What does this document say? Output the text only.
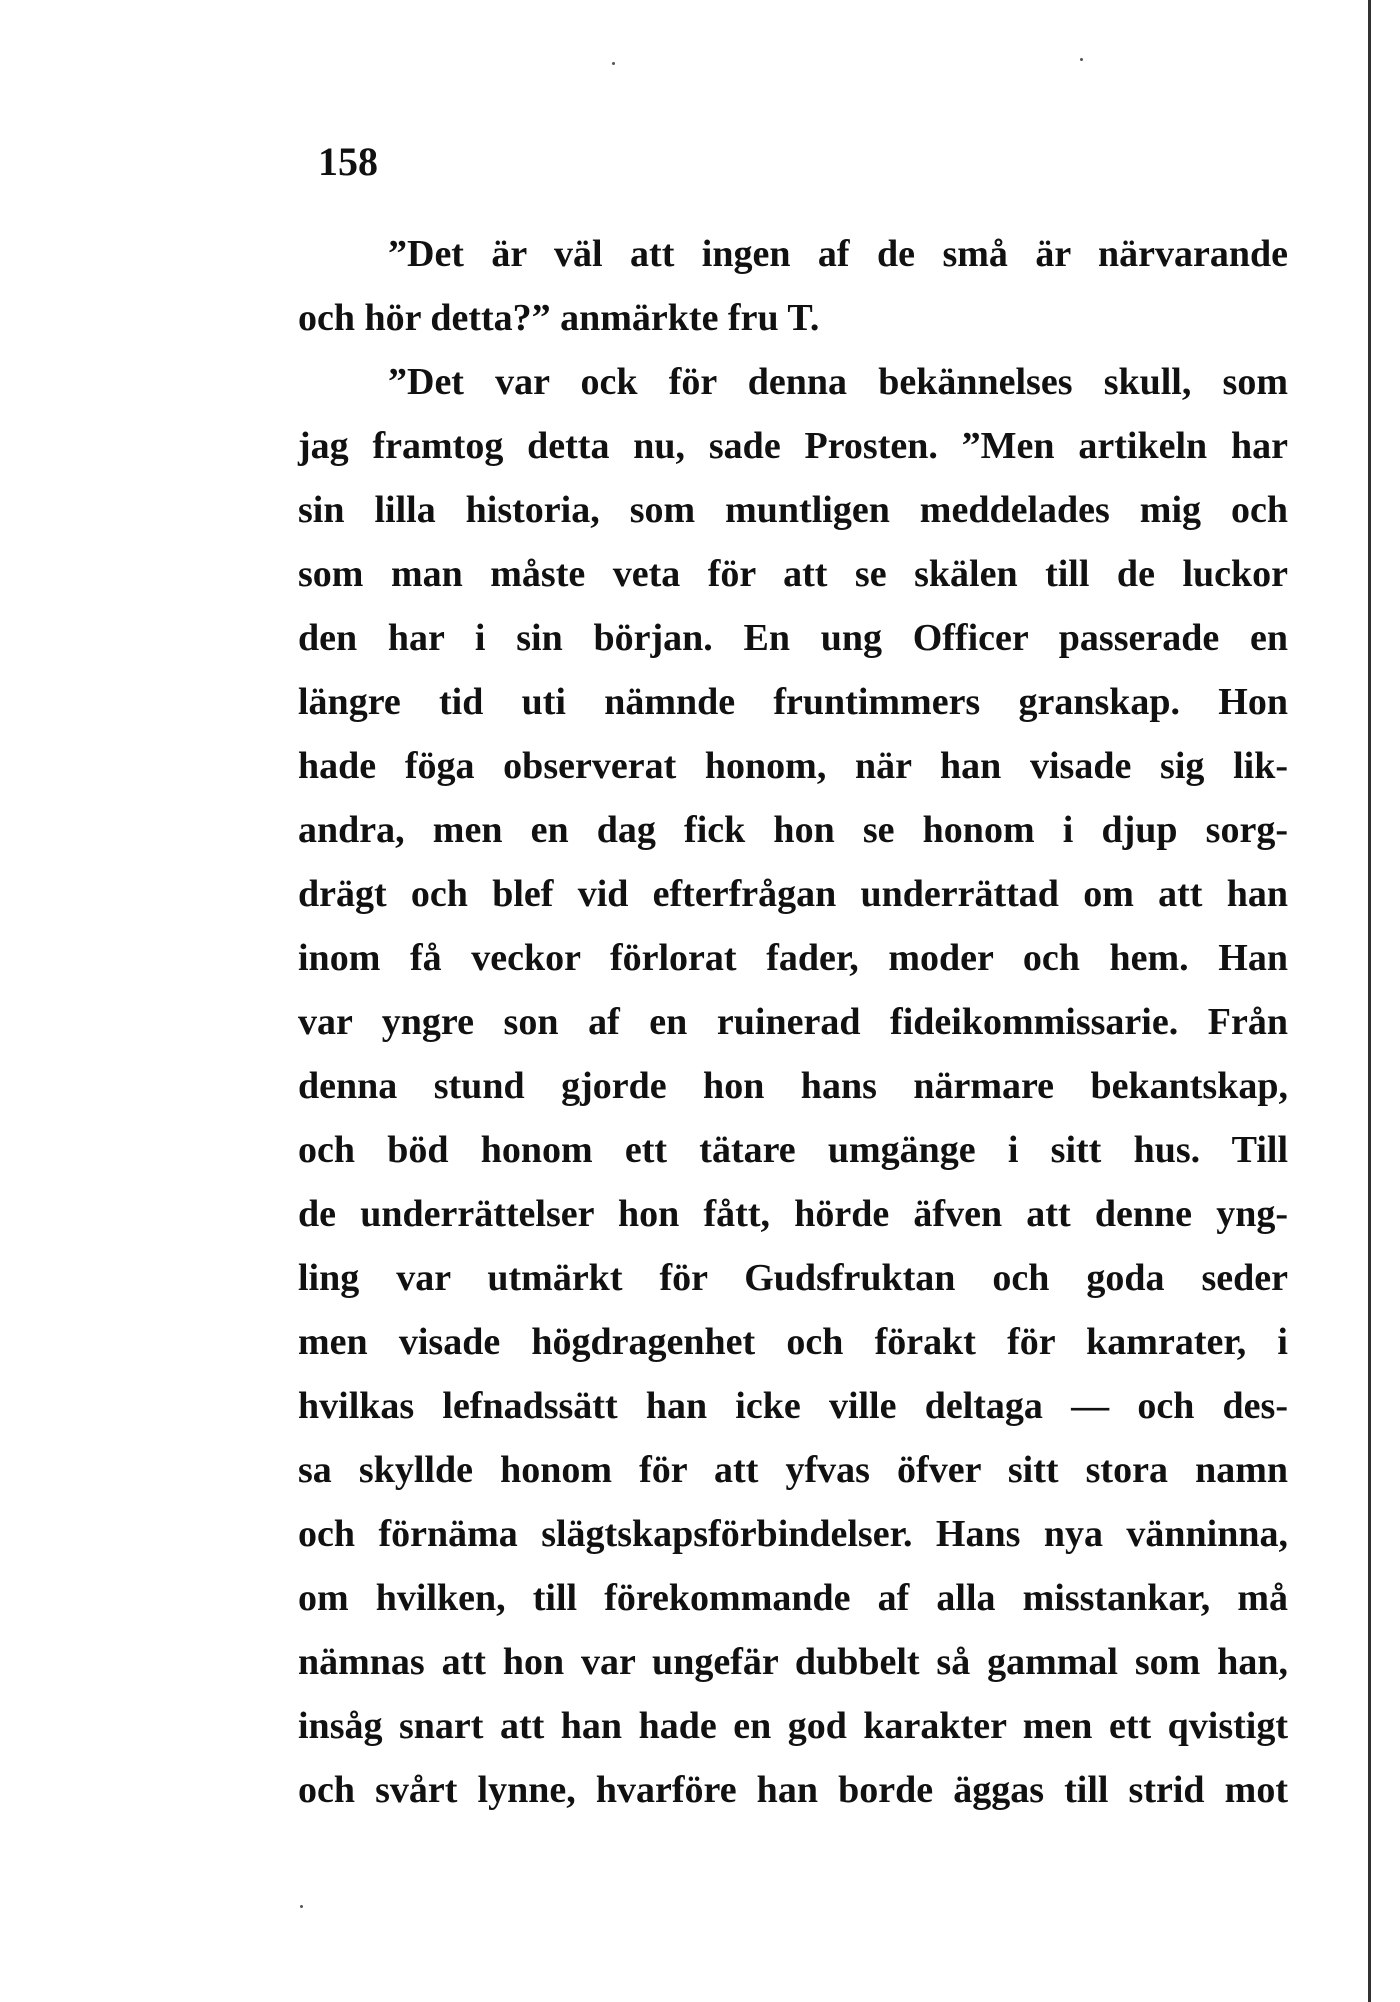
158
”Det är väl att ingen af de små är närvarande
och hör detta?” anmärkte fru T.
”Det var ock för denna bekännelses skull, som
jag framtog detta nu, sade Prosten. ”Men artikeln har
sin lilla historia, som muntligen meddelades mig och
som man måste veta för att se skälen till de luckor
den har i sin början. En ung Officer passerade en
längre tid uti nämnde fruntimmers granskap. Hon
hade föga observerat honom, när han visade sig lik-
andra, men en dag fick hon se honom i djup sorg-
drägt och blef vid efterfrågan underrättad om att han
inom få veckor förlorat fader, moder och hem. Han
var yngre son af en ruinerad fideikommissarie. Från
denna stund gjorde hon hans närmare bekantskap,
och böd honom ett tätare umgänge i sitt hus. Till
de underrättelser hon fått, hörde äfven att denne yng-
ling var utmärkt för Gudsfruktan och goda seder
men visade högdragenhet och förakt för kamrater, i
hvilkas lefnadssätt han icke ville deltaga — och des-
sa skyllde honom för att yfvas öfver sitt stora namn
och förnäma slägtskapsförbindelser. Hans nya vänninna,
om hvilken, till förekommande af alla misstankar, må
nämnas att hon var ungefär dubbelt så gammal som han,
insåg snart att han hade en god karakter men ett qvistigt
och svårt lynne, hvarföre han borde äggas till strid mot
